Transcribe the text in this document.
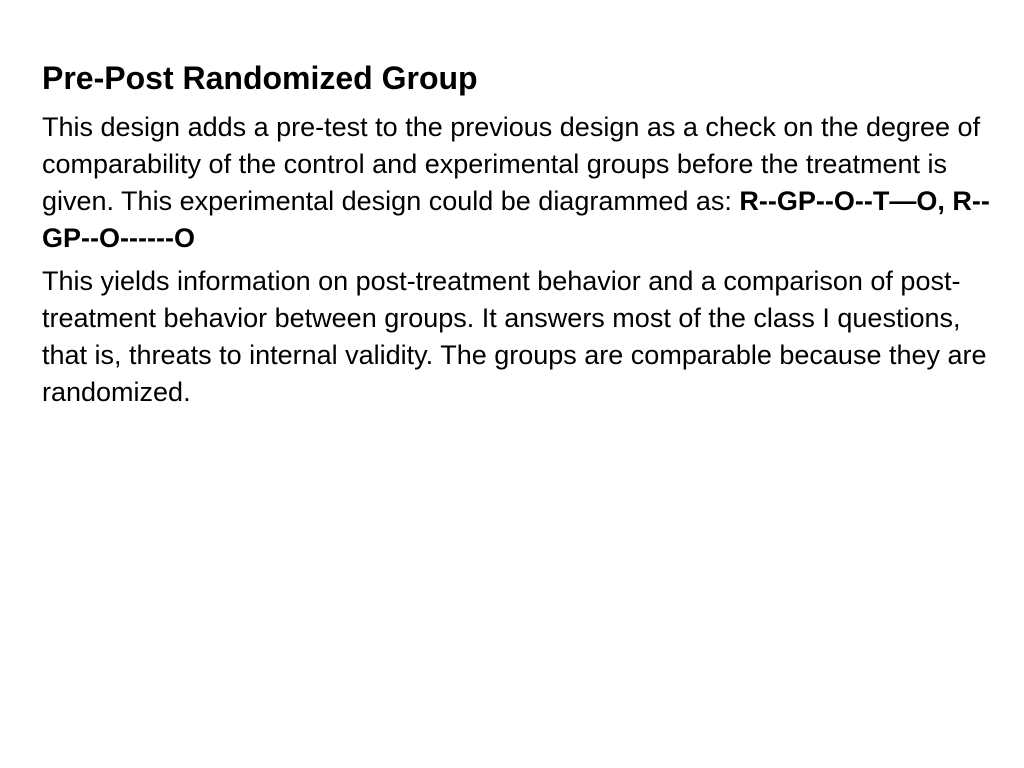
Pre-Post Randomized Group

This design adds a pre-test to the previous design as a check on the degree of comparability of the control and experimental groups before the treatment is given. This experimental design could be diagrammed as: R--GP--O--T—O, R--GP--O------O

This yields information on post-treatment behavior and a comparison of post-treatment behavior between groups. It answers most of the class I questions, that is, threats to internal validity. The groups are comparable because they are randomized.
